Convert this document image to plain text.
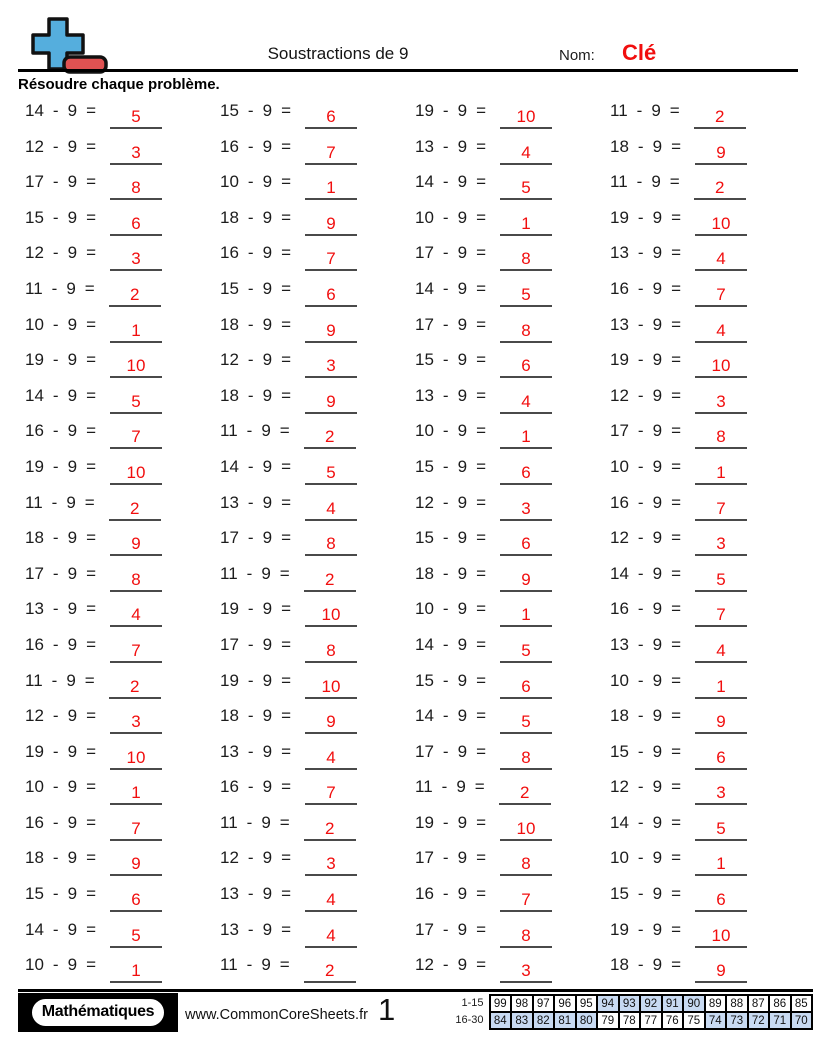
Soustractions de 9	Nom: Clé
Résoudre chaque problème.
14 - 9 =	5	15 - 9 =	6	19 - 9 =	10	11 - 9 =	2
12 - 9 =	3	16 - 9 =	7	13 - 9 =	4	18 - 9 =	9
17 - 9 =	8	10 - 9 =	1	14 - 9 =	5	11 - 9 =	2
15 - 9 =	6	18 - 9 =	9	10 - 9 =	1	19 - 9 =	10
12 - 9 =	3	16 - 9 =	7	17 - 9 =	8	13 - 9 =	4
11 - 9 =	2	15 - 9 =	6	14 - 9 =	5	16 - 9 =	7
10 - 9 =	1	18 - 9 =	9	17 - 9 =	8	13 - 9 =	4
19 - 9 =	10	12 - 9 =	3	15 - 9 =	6	19 - 9 =	10
14 - 9 =	5	18 - 9 =	9	13 - 9 =	4	12 - 9 =	3
16 - 9 =	7	11 - 9 =	2	10 - 9 =	1	17 - 9 =	8
19 - 9 =	10	14 - 9 =	5	15 - 9 =	6	10 - 9 =	1
11 - 9 =	2	13 - 9 =	4	12 - 9 =	3	16 - 9 =	7
18 - 9 =	9	17 - 9 =	8	15 - 9 =	6	12 - 9 =	3
17 - 9 =	8	11 - 9 =	2	18 - 9 =	9	14 - 9 =	5
13 - 9 =	4	19 - 9 =	10	10 - 9 =	1	16 - 9 =	7
16 - 9 =	7	17 - 9 =	8	14 - 9 =	5	13 - 9 =	4
11 - 9 =	2	19 - 9 =	10	15 - 9 =	6	10 - 9 =	1
12 - 9 =	3	18 - 9 =	9	14 - 9 =	5	18 - 9 =	9
19 - 9 =	10	13 - 9 =	4	17 - 9 =	8	15 - 9 =	6
10 - 9 =	1	16 - 9 =	7	11 - 9 =	2	12 - 9 =	3
16 - 9 =	7	11 - 9 =	2	19 - 9 =	10	14 - 9 =	5
18 - 9 =	9	12 - 9 =	3	17 - 9 =	8	10 - 9 =	1
15 - 9 =	6	13 - 9 =	4	16 - 9 =	7	15 - 9 =	6
14 - 9 =	5	13 - 9 =	4	17 - 9 =	8	19 - 9 =	10
10 - 9 =	1	11 - 9 =	2	12 - 9 =	3	18 - 9 =	9
Mathématiques	www.CommonCoreSheets.fr 1	1-15
16-30
99	98	97	96	95	94	93	92	91	90	89	88	87	86	85
84	83	82	81	80	79	78	77	76	75	74	73	72	71	70
